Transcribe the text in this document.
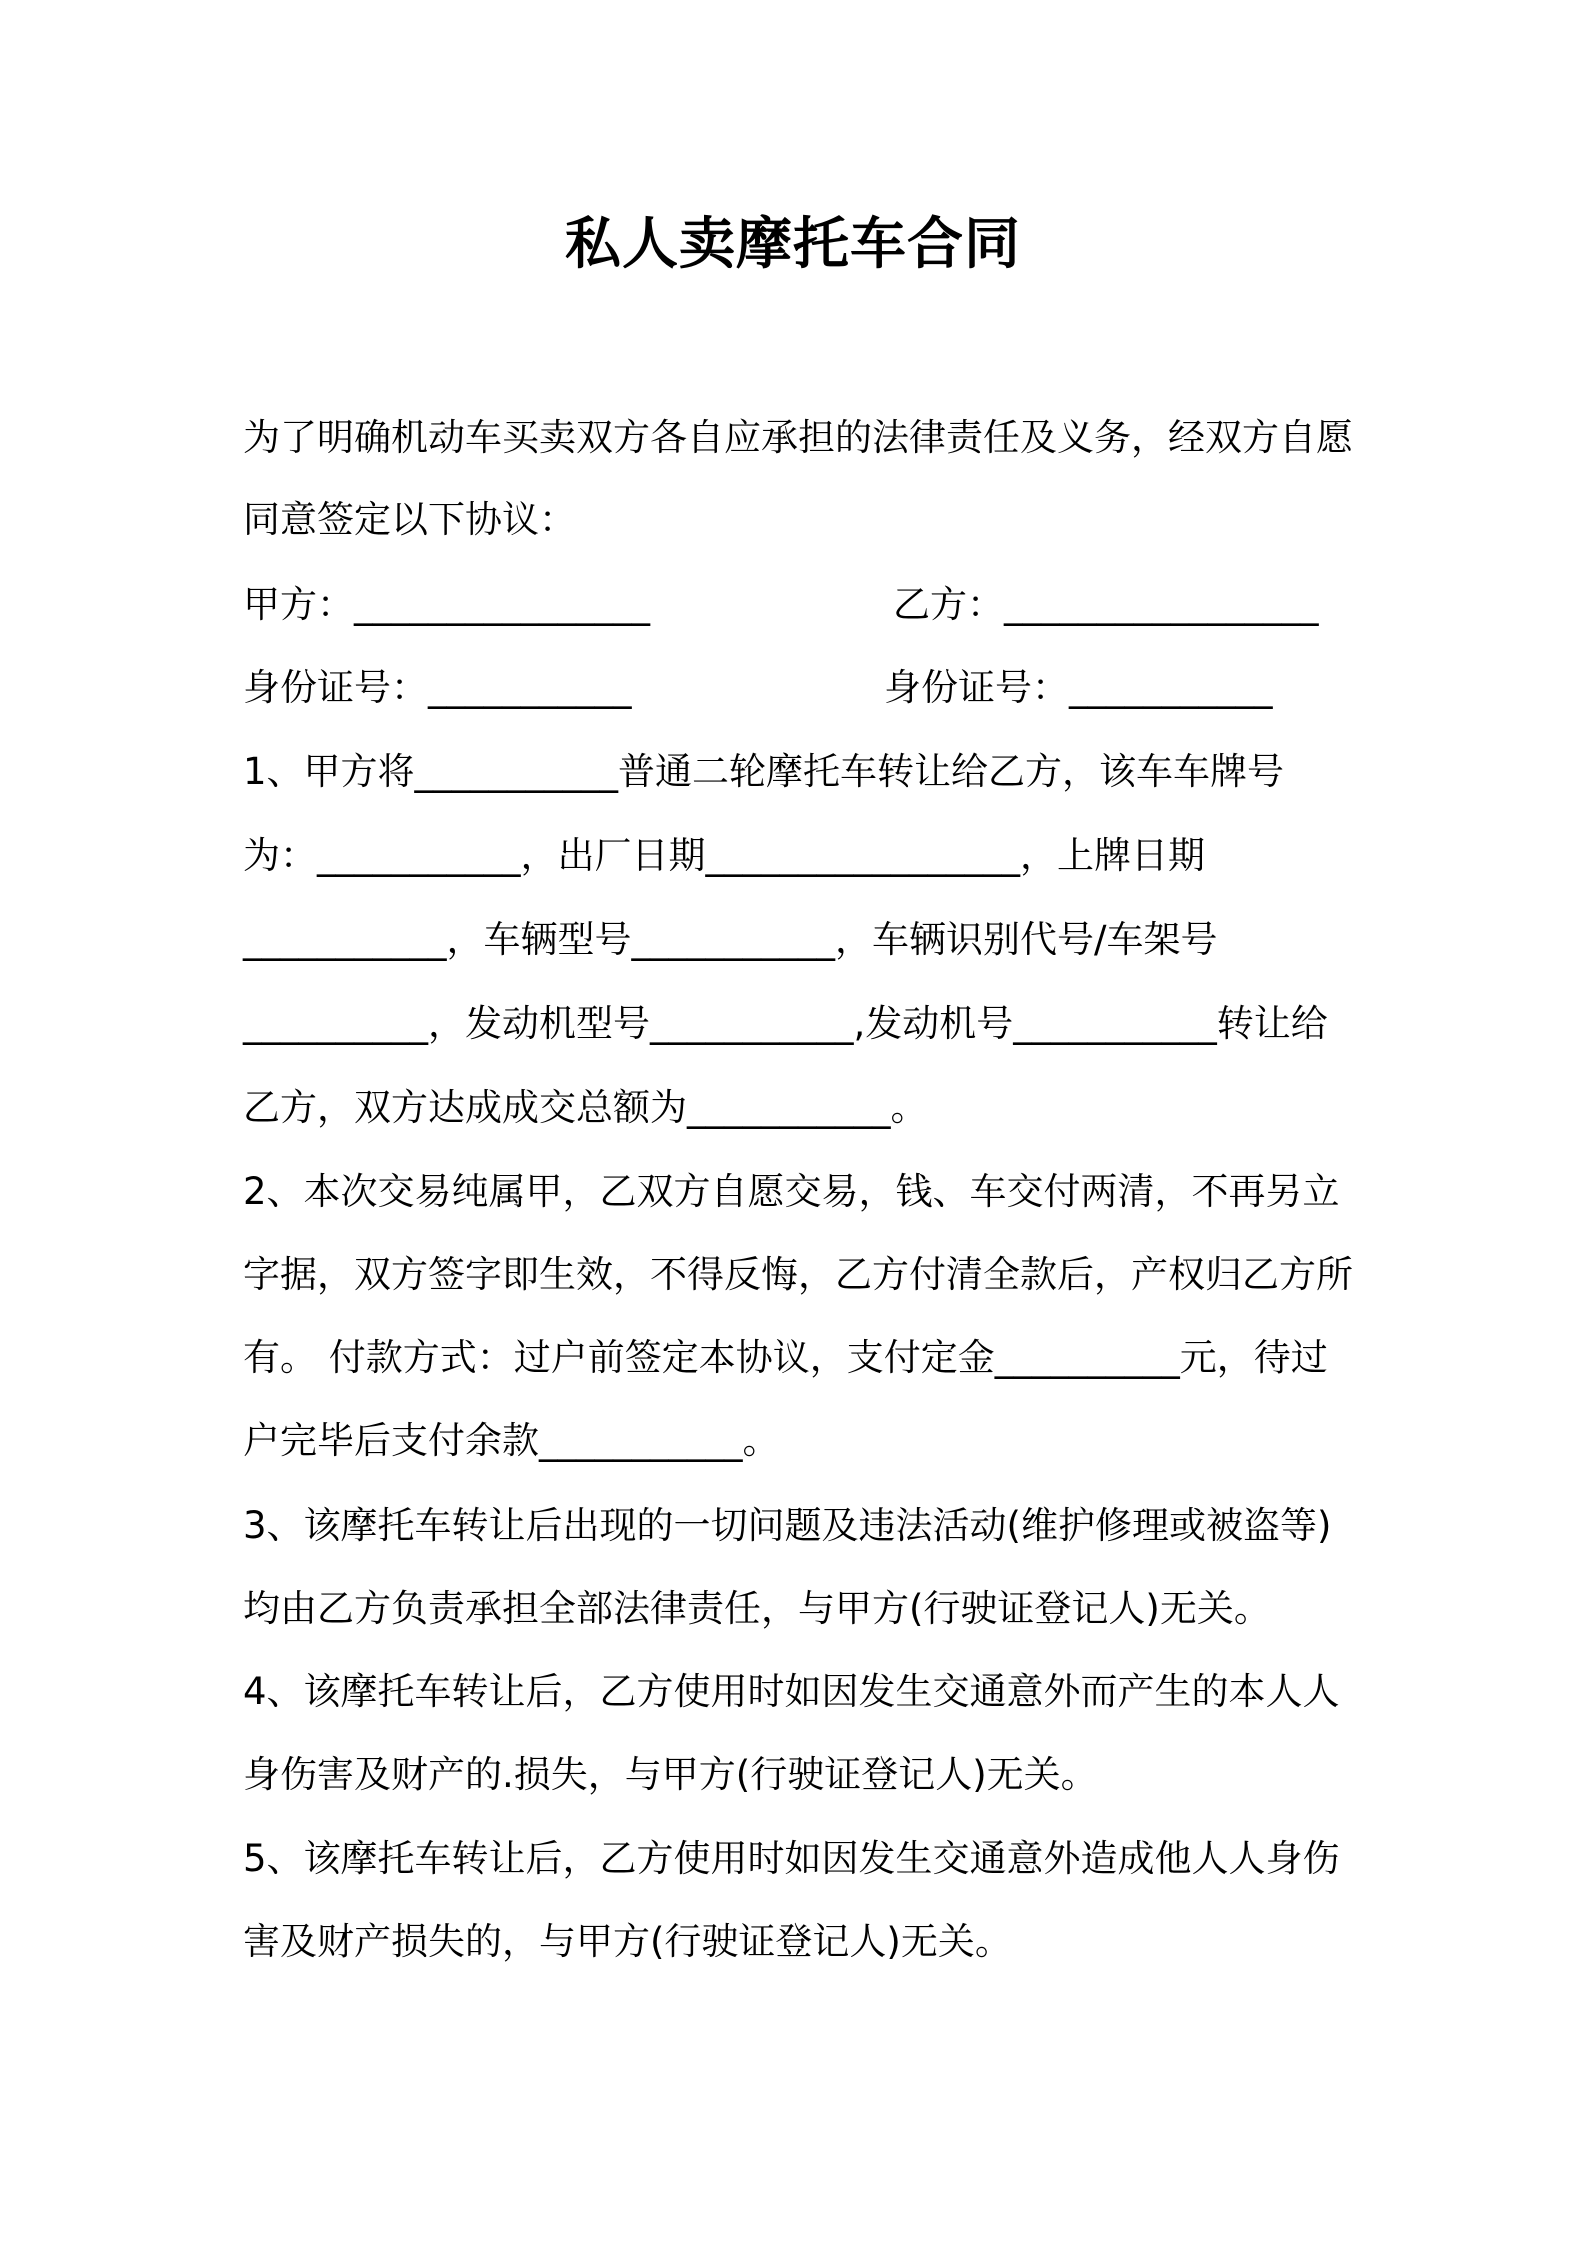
私人卖摩托车合同
为了明确机动车买卖双方各自应承担的法律责任及义务，经双方自愿
同意签定以下协议：
甲方：________________	乙方：_________________
身份证号：___________	身份证号：___________
1、甲方将___________普通二轮摩托车转让给乙方，该车车牌号
为：___________，出厂日期_________________，上牌日期
___________，车辆型号___________，车辆识别代号/车架号
__________，发动机型号___________,发动机号___________转让给
乙方，双方达成成交总额为___________。
2、本次交易纯属甲，乙双方自愿交易，钱、车交付两清，不再另立
字据，双方签字即生效，不得反悔，乙方付清全款后，产权归乙方所
有。 付款方式：过户前签定本协议，支付定金__________元，待过
户完毕后支付余款___________。
3、该摩托车转让后出现的一切问题及违法活动(维护修理或被盗等)
均由乙方负责承担全部法律责任，与甲方(行驶证登记人)无关。
4、该摩托车转让后，乙方使用时如因发生交通意外而产生的本人人
身伤害及财产的.损失，与甲方(行驶证登记人)无关。
5、该摩托车转让后，乙方使用时如因发生交通意外造成他人人身伤
害及财产损失的，与甲方(行驶证登记人)无关。
